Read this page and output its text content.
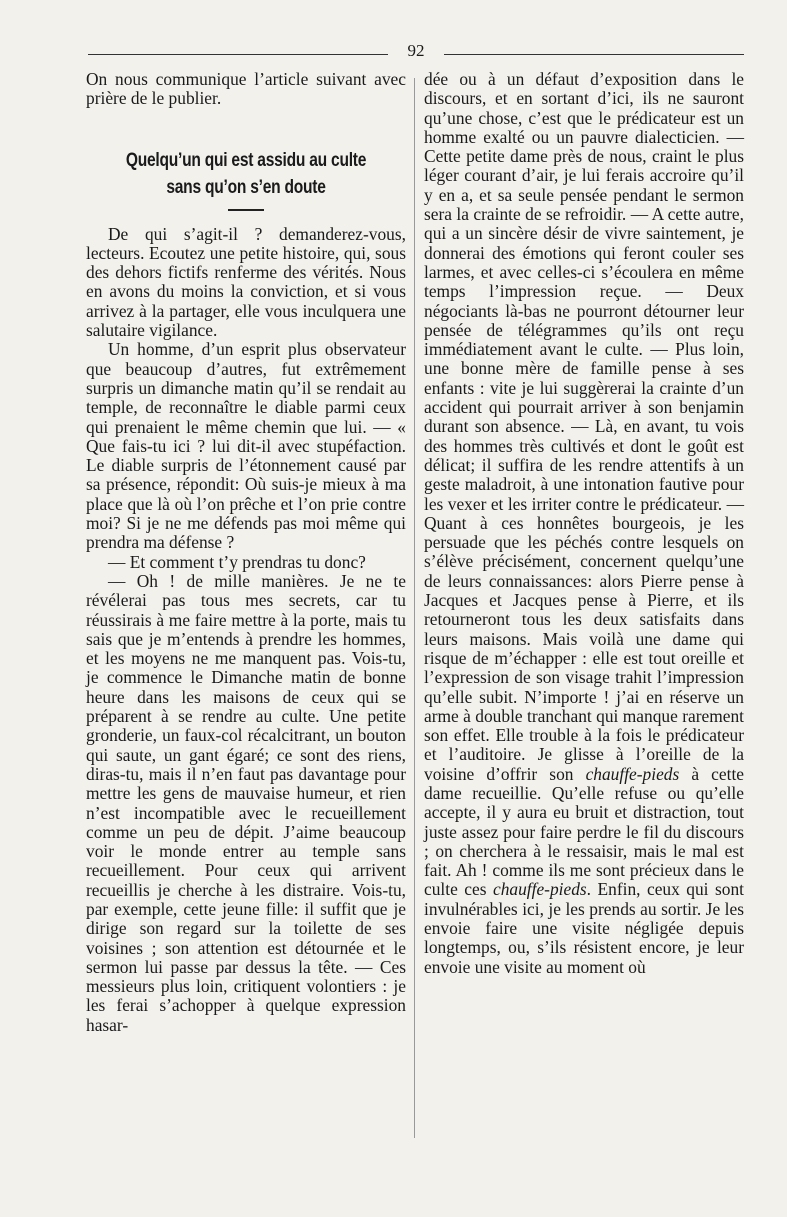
92

On nous communique l’article suivant avec prière de le publier.

Quelqu’un qui est assidu au culte sans qu’on s’en doute

De qui s’agit-il ? demanderez-vous, lecteurs. Ecoutez une petite histoire, qui, sous des dehors fictifs renferme des vérités. Nous en avons du moins la conviction, et si vous arrivez à la partager, elle vous inculquera une salutaire vigilance.

Un homme, d’un esprit plus observateur que beaucoup d’autres, fut extrêmement surpris un dimanche matin qu’il se rendait au temple, de reconnaître le diable parmi ceux qui prenaient le même chemin que lui. — « Que fais-tu ici ? lui dit-il avec stupéfaction. Le diable surpris de l’étonnement causé par sa présence, répondit: Où suis-je mieux à ma place que là où l’on prêche et l’on prie contre moi? Si je ne me défends pas moi même qui prendra ma défense ?

— Et comment t’y prendras tu donc?

— Oh ! de mille manières. Je ne te révélerai pas tous mes secrets, car tu réussirais à me faire mettre à la porte, mais tu sais que je m’entends à prendre les hommes, et les moyens ne me manquent pas. Vois-tu, je commence le Dimanche matin de bonne heure dans les maisons de ceux qui se préparent à se rendre au culte. Une petite gronderie, un faux-col récalcitrant, un bouton qui saute, un gant égaré; ce sont des riens, diras-tu, mais il n’en faut pas davantage pour mettre les gens de mauvaise humeur, et rien n’est incompatible avec le recueillement comme un peu de dépit. J’aime beaucoup voir le monde entrer au temple sans recueillement. Pour ceux qui arrivent recueillis je cherche à les distraire. Vois-tu, par exemple, cette jeune fille: il suffit que je dirige son regard sur la toilette de ses voisines ; son attention est détournée et le sermon lui passe par dessus la tête. — Ces messieurs plus loin, critiquent volontiers : je les ferai s’achopper à quelque expression hasar-

dée ou à un défaut d’exposition dans le discours, et en sortant d’ici, ils ne sauront qu’une chose, c’est que le prédicateur est un homme exalté ou un pauvre dialecticien. — Cette petite dame près de nous, craint le plus léger courant d’air, je lui ferais accroire qu’il y en a, et sa seule pensée pendant le sermon sera la crainte de se refroidir. — A cette autre, qui a un sincère désir de vivre saintement, je donnerai des émotions qui feront couler ses larmes, et avec celles-ci s’écoulera en même temps l’impression reçue. — Deux négociants là-bas ne pourront détourner leur pensée de télégrammes qu’ils ont reçu immédiatement avant le culte. — Plus loin, une bonne mère de famille pense à ses enfants : vite je lui suggèrerai la crainte d’un accident qui pourrait arriver à son benjamin durant son absence. — Là, en avant, tu vois des hommes très cultivés et dont le goût est délicat; il suffira de les rendre attentifs à un geste maladroit, à une intonation fautive pour les vexer et les irriter contre le prédicateur. — Quant à ces honnêtes bourgeois, je les persuade que les péchés contre lesquels on s’élève précisément, concernent quelqu’une de leurs connaissances: alors Pierre pense à Jacques et Jacques pense à Pierre, et ils retourneront tous les deux satisfaits dans leurs maisons. Mais voilà une dame qui risque de m’échapper : elle est tout oreille et l’expression de son visage trahit l’impression qu’elle subit. N’importe ! j’ai en réserve un arme à double tranchant qui manque rarement son effet. Elle trouble à la fois le prédicateur et l’auditoire. Je glisse à l’oreille de la voisine d’offrir son chauffe-pieds à cette dame recueillie. Qu’elle refuse ou qu’elle accepte, il y aura eu bruit et distraction, tout juste assez pour faire perdre le fil du discours ; on cherchera à le ressaisir, mais le mal est fait. Ah ! comme ils me sont précieux dans le culte ces chauffe-pieds. Enfin, ceux qui sont invulnérables ici, je les prends au sortir. Je les envoie faire une visite négligée depuis longtemps, ou, s’ils résistent encore, je leur envoie une visite au moment où
